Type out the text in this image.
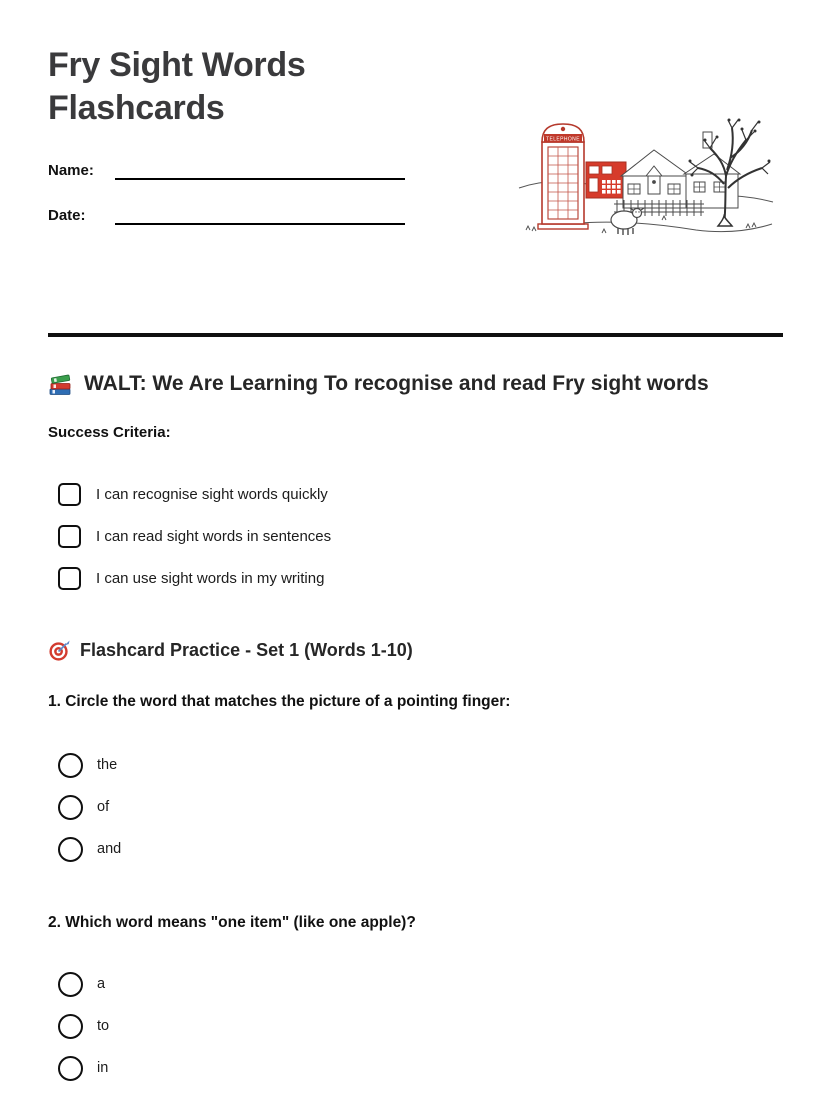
Fry Sight Words Flashcards
Name:
Date:
TELEPHONE
WALT: We Are Learning To recognise and read Fry sight words
Success Criteria:
I can recognise sight words quickly
I can read sight words in sentences
I can use sight words in my writing
Flashcard Practice - Set 1 (Words 1-10)
1. Circle the word that matches the picture of a pointing finger:
the
of
and
2. Which word means "one item" (like one apple)?
a
to
in
